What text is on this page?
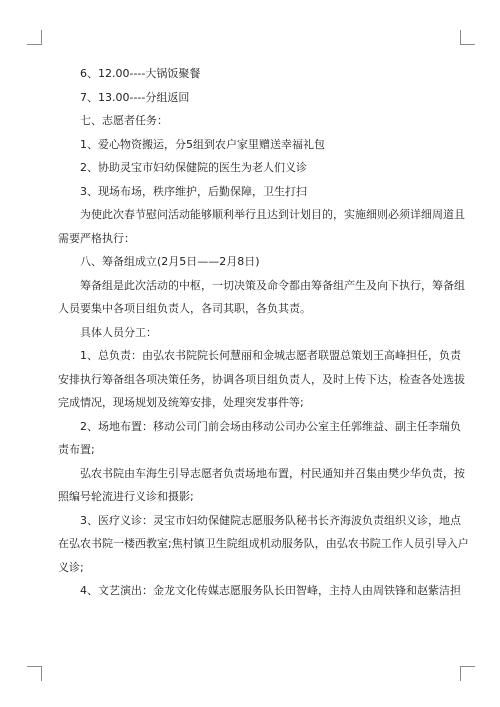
6、12.00----大锅饭聚餐
7、13.00----分组返回
七、志愿者任务：
1、爱心物资搬运，分5组到农户家里赠送幸福礼包
2、协助灵宝市妇幼保健院的医生为老人们义诊
3、现场布场，秩序维护，后勤保障，卫生打扫
为使此次春节慰问活动能够顺利举行且达到计划目的，实施细则必须详细周道且
需要严格执行：
八、筹备组成立(2月5日——2月8日)
筹备组是此次活动的中枢，一切决策及命令都由筹备组产生及向下执行，筹备组
人员要集中各项目组负责人，各司其职，各负其责。
具体人员分工：
1、总负责：由弘农书院院长何慧丽和金城志愿者联盟总策划王高峰担任，负责
安排执行筹备组各项决策任务，协调各项目组负责人，及时上传下达，检查各处选拔
完成情况，现场规划及统筹安排，处理突发事件等;
2、场地布置：移动公司门前会场由移动公司办公室主任郭维益、副主任李瑞负
责布置;
弘农书院由车海生引导志愿者负责场地布置，村民通知并召集由樊少华负责，按
照编号轮流进行义诊和摄影;
3、医疗义诊：灵宝市妇幼保健院志愿服务队秘书长齐海波负责组织义诊，地点
在弘农书院一楼西教室;焦村镇卫生院组成机动服务队，由弘农书院工作人员引导入户
义诊;
4、文艺演出：金龙文化传媒志愿服务队长田智峰，主持人由周铁锋和赵紫洁担
